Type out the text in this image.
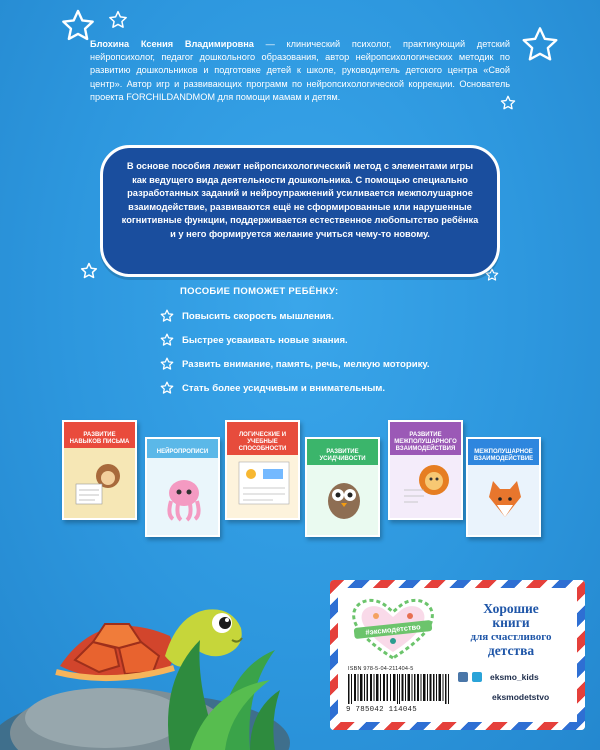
Блохина Ксения Владимировна — клинический психолог, практикующий детский нейропсихолог, педагог дошкольного образования, автор нейропсихологических методик по развитию дошкольников и подготовке детей к школе, руководитель детского центра «Свой центр». Автор игр и развивающих программ по нейропсихологической коррекции. Основатель проекта FORCHILDANDMOM для помощи мамам и детям.
В основе пособия лежит нейропсихологический метод с элементами игры как ведущего вида деятельности дошкольника. С помощью специально разработанных заданий и нейроупражнений усиливается межполушарное взаимодействие, развиваются ещё не сформированные или нарушенные когнитивные функции, поддерживается естественное любопытство ребёнка и у него формируется желание учиться чему-то новому.
ПОСОБИЕ ПОМОЖЕТ РЕБЁНКУ:
Повысить скорость мышления.
Быстрее усваивать новые знания.
Развить внимание, память, речь, мелкую моторику.
Стать более усидчивым и внимательным.
РАЗВИТИЕ НАВЫКОВ ПИСЬМА
НЕЙРОПРОПИСИ
ЛОГИЧЕСКИЕ И УЧЕБНЫЕ СПОСОБНОСТИ	РАЗВИТИЕ УСИДЧИВОСТИ
РАЗВИТИЕ МЕЖПОЛУШАРНОГО ВЗАИМОДЕЙСТВИЯ	МЕЖПОЛУШАРНОЕ ВЗАИМОДЕЙСТВИЕ
#эксмодетство
Хорошие
книги
для счастливого
детства
ISBN 978-5-04-211404-5
9 785042 114045
eksmo_kids
eksmodetstvo
